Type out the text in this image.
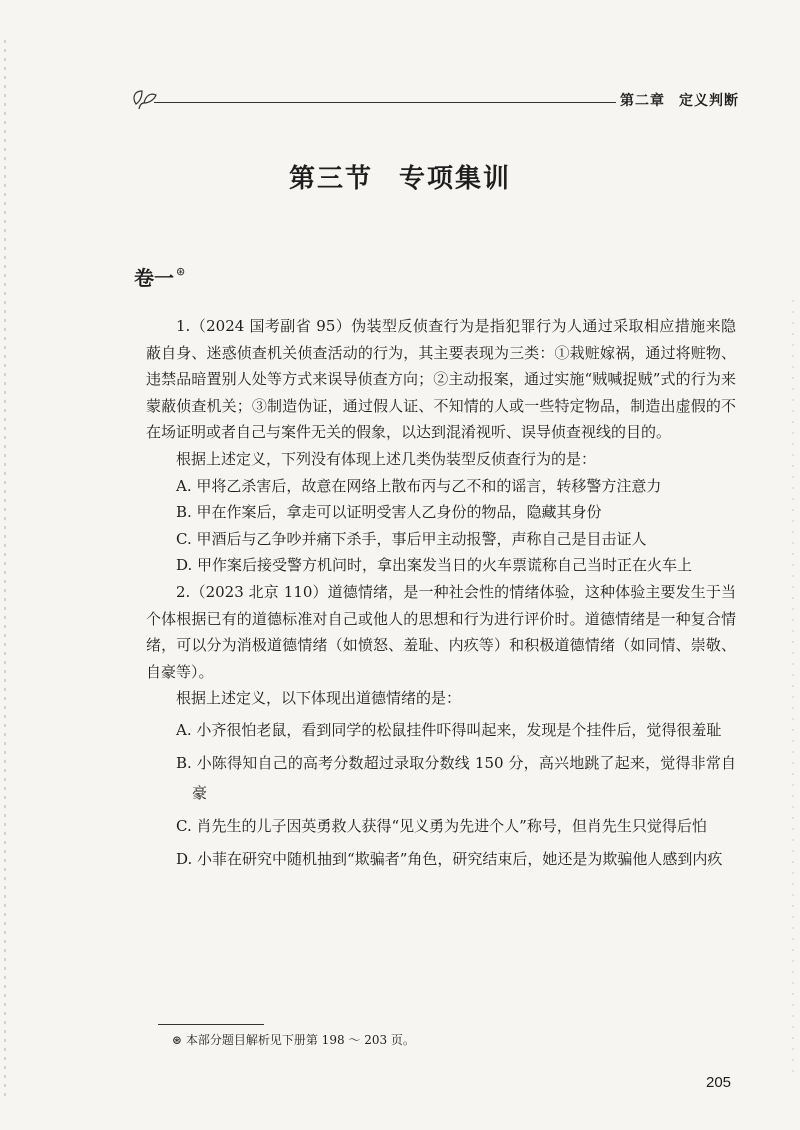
第二章 定义判断
第三节 专项集训
卷一 ⊛

1.（2024 国考副省 95）伪装型反侦查行为是指犯罪行为人通过采取相应措施来隐蔽自身、迷惑侦查机关侦查活动的行为，其主要表现为三类：①栽赃嫁祸，通过将赃物、违禁品暗置别人处等方式来误导侦查方向；②主动报案，通过实施“贼喊捉贼”式的行为来蒙蔽侦查机关；③制造伪证，通过假人证、不知情的人或一些特定物品，制造出虚假的不在场证明或者自己与案件无关的假象，以达到混淆视听、误导侦查视线的目的。

根据上述定义，下列没有体现上述几类伪装型反侦查行为的是：

A. 甲将乙杀害后，故意在网络上散布丙与乙不和的谣言，转移警方注意力

B. 甲在作案后，拿走可以证明受害人乙身份的物品，隐藏其身份

C. 甲酒后与乙争吵并痛下杀手，事后甲主动报警，声称自己是目击证人

D. 甲作案后接受警方机问时，拿出案发当日的火车票谎称自己当时正在火车上

2.（2023 北京 110）道德情绪，是一种社会性的情绪体验，这种体验主要发生于当个体根据已有的道德标准对自己或他人的思想和行为进行评价时。道德情绪是一种复合情绪，可以分为消极道德情绪（如愤怒、羞耻、内疚等）和积极道德情绪（如同情、崇敬、自豪等）。

根据上述定义，以下体现出道德情绪的是：

A. 小齐很怕老鼠，看到同学的松鼠挂件吓得叫起来，发现是个挂件后，觉得很羞耻

B. 小陈得知自己的高考分数超过录取分数线 150 分，高兴地跳了起来，觉得非常自豪

C. 肖先生的儿子因英勇救人获得“见义勇为先进个人”称号，但肖先生只觉得后怕

D. 小菲在研究中随机抽到“欺骗者”角色，研究结束后，她还是为欺骗他人感到内疚

⊛ 本部分题目解析见下册第 198 ～ 203 页。
205
